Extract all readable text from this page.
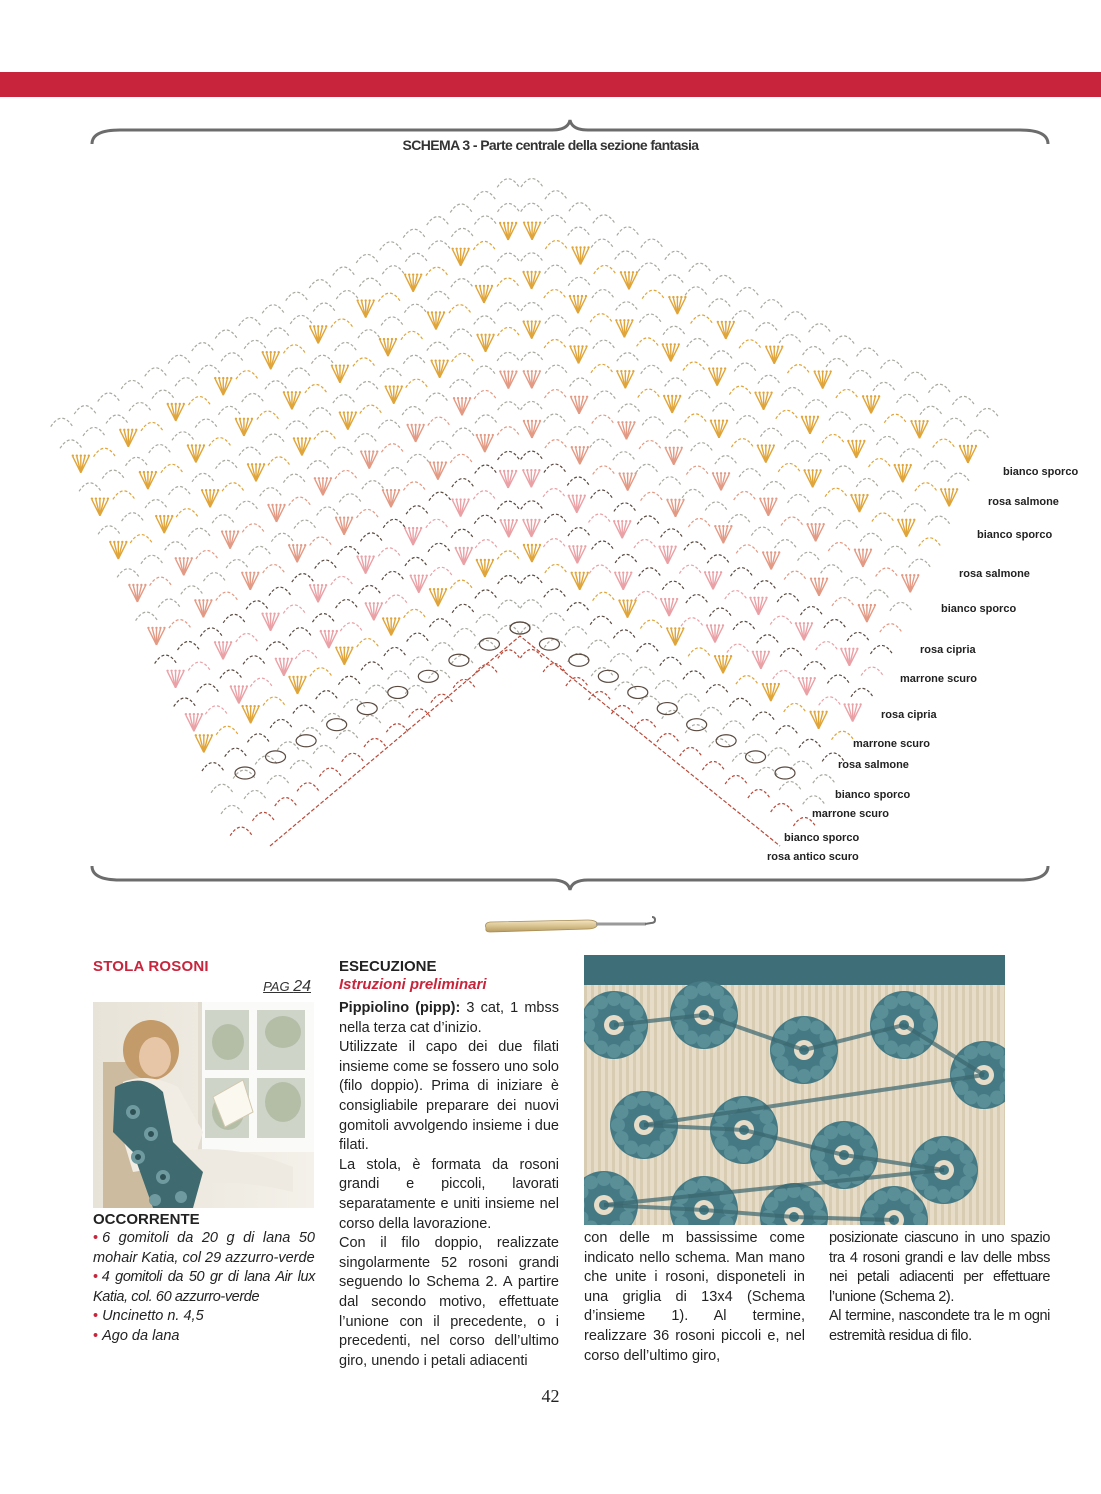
SCHEMA 3 - Parte centrale della sezione fantasia
bianco sporco
rosa salmone
bianco sporco
rosa salmone
bianco sporco
rosa cipria
marrone scuro
rosa cipria
marrone scuro
rosa salmone
bianco sporco
marrone scuro
bianco sporco
rosa antico scuro
STOLA ROSONI
PAG 24
OCCORRENTE
• 6 gomitoli da 20 g di lana 50 mohair Katia, col 29 azzurro-verde
• 4 gomitoli da 50 gr di lana Air lux Katia, col. 60 azzurro-verde
• Uncinetto n. 4,5
• Ago da lana
ESECUZIONE
Istruzioni preliminari

Pippiolino (pipp): 3 cat, 1 mbss nella terza cat d’inizio.

Utilizzate il capo dei due filati insieme come se fossero uno solo (filo doppio). Prima di iniziare è consigliabile preparare dei nuovi gomitoli avvolgendo insieme i due filati.

La stola, è formata da rosoni grandi e piccoli, lavorati separatamente e uniti insieme nel corso della lavorazione.

Con il filo doppio, realizzate singolarmente 52 rosoni grandi seguendo lo Schema 2. A partire dal secondo motivo, effettuate l’unione con il precedente, o i precedenti, nel corso dell’ultimo giro, unendo i petali adiacenti

con delle m bassissime come indicato nello schema. Man mano che unite i rosoni, disponeteli in una griglia di 13x4 (Schema d’insieme 1). Al termine, realizzare 36 rosoni piccoli e, nel corso dell’ultimo giro,

posizionate ciascuno in uno spazio tra 4 rosoni grandi e lav delle mbss nei petali adiacenti per effettuare l’unione (Schema 2).

Al termine, nascondete tra le m ogni estremità residua di filo.

42
